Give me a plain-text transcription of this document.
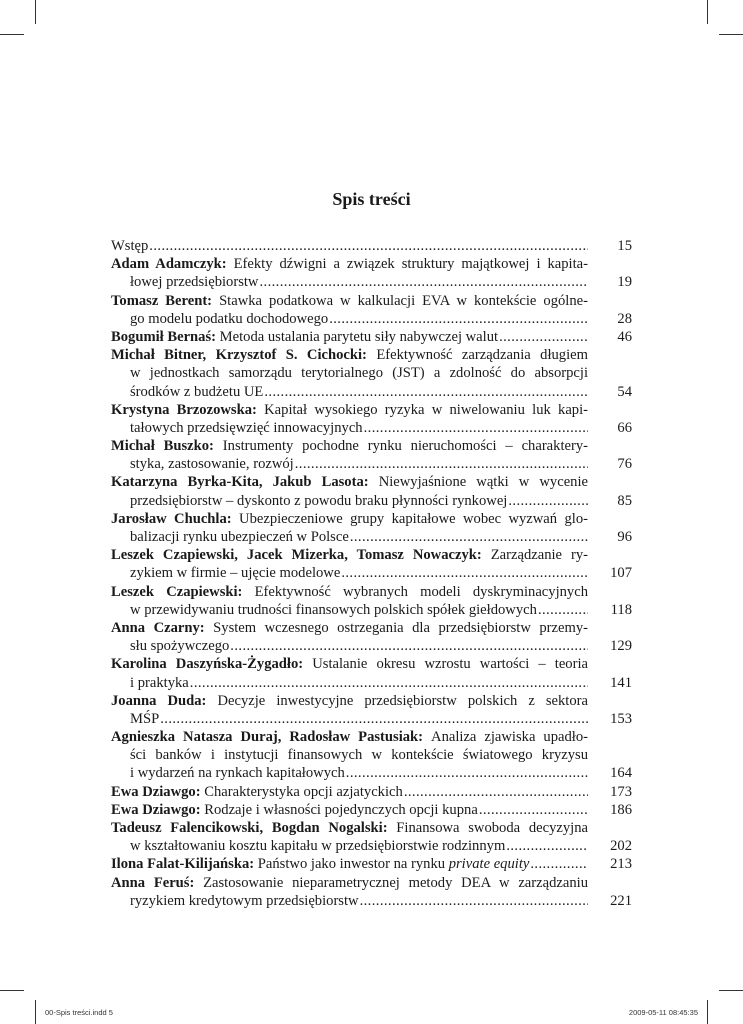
Spis treści
Wstęp .....	15
Adam Adamczyk: Efekty dźwigni a związek struktury majątkowej i kapita-
łowej przedsiębiorstw .....	19
Tomasz Berent: Stawka podatkowa w kalkulacji EVA w kontekście ogólne-
go modelu podatku dochodowego .....	28
Bogumił Bernaś:
Metoda ustalania parytetu siły nabywczej walut .....	46
Michał Bitner, Krzysztof S. Cichocki: Efektywność zarządzania długiem
w jednostkach samorządu terytorialnego (JST) a zdolność do absorpcji
środków z budżetu UE .....	54
Krystyna Brzozowska: Kapitał wysokiego ryzyka w niwelowaniu luk kapi-
tałowych przedsięwzięć innowacyjnych .....	66
Michał Buszko: Instrumenty pochodne rynku nieruchomości – charaktery-
styka, zastosowanie, rozwój .....	76
Katarzyna Byrka-Kita, Jakub Lasota: Niewyjaśnione wątki w wycenie
przedsiębiorstw – dyskonto z powodu braku płynności rynkowej .....	85
Jarosław Chuchla: Ubezpieczeniowe grupy kapitałowe wobec wyzwań glo-
balizacji rynku ubezpieczeń w Polsce .....	96
Leszek Czapiewski, Jacek Mizerka, Tomasz Nowaczyk: Zarządzanie ry-
zykiem w firmie – ujęcie modelowe .....	107
Leszek Czapiewski: Efektywność wybranych modeli dyskryminacyjnych
w przewidywaniu trudności finansowych polskich spółek giełdowych .....	118
Anna Czarny: System wczesnego ostrzegania dla przedsiębiorstw przemy-
słu spożywczego .....	129
Karolina Daszyńska-Żygadło: Ustalanie okresu wzrostu wartości – teoria
i praktyka .....	141
Joanna Duda: Decyzje inwestycyjne przedsiębiorstw polskich z sektora
MŚP .....	153
Agnieszka Natasza Duraj, Radosław Pastusiak: Analiza zjawiska upadło-
ści banków i instytucji finansowych w kontekście światowego kryzysu
i wydarzeń na rynkach kapitałowych .....	164
Ewa Dziawgo:
Charakterystyka opcji azjatyckich .....	173
Ewa Dziawgo:
Rodzaje i własności pojedynczych opcji kupna .....	186
Tadeusz Falencikowski, Bogdan Nogalski: Finansowa swoboda decyzyjna
w kształtowaniu kosztu kapitału w przedsiębiorstwie rodzinnym .....	202
Ilona Falat-Kilijańska:
Państwo jako inwestor na rynku
private equity .....	213
Anna Feruś: Zastosowanie nieparametrycznej metody DEA w zarządzaniu
ryzykiem kredytowym przedsiębiorstw .....	221
00-Spis treści.indd 5	2009-05-11 08:45:35
